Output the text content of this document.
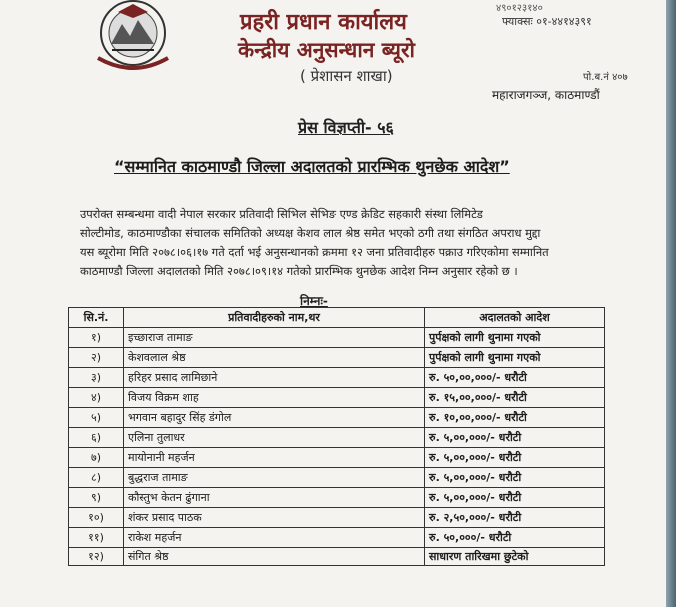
प्रहरी प्रधान कार्यालय
केन्द्रीय अनुसन्धान ब्यूरो
( प्रेशासन शाखा)
४९०१२३१४०
फ्याक्सः ०१-४४१४३९१
पो.ब.नं ४०७
महाराजगञ्ज, काठमाण्डौं
प्रेस विज्ञप्ती- ५६
“सम्मानित काठमाण्डौ जिल्ला अदालतको प्रारम्भिक थुनछेक आदेश”
उपरोक्त सम्बन्धमा वादी नेपाल सरकार प्रतिवादी सिभिल सेभिङ एण्ड क्रेडिट सहकारी संस्था लिमिटेड
सोल्टीमोड, काठमाण्डौका संचालक समितिको अध्यक्ष केशव लाल श्रेष्ठ समेत भएको ठगी तथा संगठित अपराध मुद्दा
यस ब्यूरोमा मिति २०७८।०६।१७ गते दर्ता भई अनुसन्धानको क्रममा १२ जना प्रतिवादीहरु पक्राउ गरिएकोमा सम्मानित
काठमाण्डौ जिल्ला अदालतको मिति २०७८।०९।१४ गतेको प्रारम्भिक थुनछेक आदेश निम्न अनुसार रहेको छ ।
निम्नः-
सि.नं.	प्रतिवादीहरुको नाम,थर	अदालतको आदेश
१)	इच्छाराज तामाङ	पुर्पक्षको लागी थुनामा गएको
२)	केशवलाल श्रेष्ठ	पुर्पक्षको लागी थुनामा गएको
३)	हरिहर प्रसाद लामिछाने	रु. ५०,००,०००/- धरौटी
४)	विजय विक्रम शाह	रु. १५,००,०००/- धरौटी
५)	भगवान बहादुर सिंह डंगोल	रु. १०,००,०००/- धरौटी
६)	एलिना तुलाधर	रु. ५,००,०००/- धरौटी
७)	मायोनानी महर्जन	रु. ५,००,०००/- धरौटी
८)	बुद्धराज तामाङ	रु. ५,००,०००/- धरौटी
९)	कौस्तुभ केतन ढुंगाना	रु. ५,००,०००/- धरौटी
१०)	शंकर प्रसाद पाठक	रु. २,५०,०००/- धरौटी
११)	राकेश महर्जन	रु. ५०,०००/- धरौटी
१२)	संगित श्रेष्ठ	साधारण तारिखमा छुटेको
